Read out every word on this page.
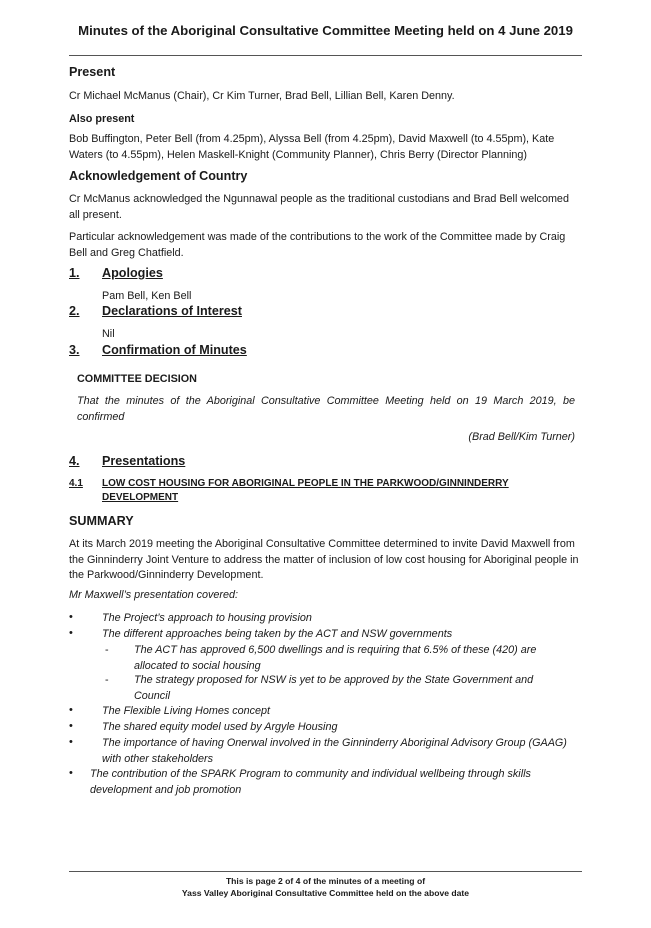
Minutes of the Aboriginal Consultative Committee Meeting held on 4 June 2019
Present
Cr Michael McManus (Chair), Cr Kim Turner, Brad Bell, Lillian Bell, Karen Denny.
Also present
Bob Buffington, Peter Bell (from 4.25pm), Alyssa Bell (from 4.25pm), David Maxwell (to 4.55pm), Kate Waters (to 4.55pm), Helen Maskell-Knight (Community Planner), Chris Berry (Director Planning)
Acknowledgement of Country
Cr McManus acknowledged the Ngunnawal people as the traditional custodians and Brad Bell welcomed all present.
Particular acknowledgement was made of the contributions to the work of the Committee made by Craig Bell and Greg Chatfield.
1. Apologies
Pam Bell, Ken Bell
2. Declarations of Interest
Nil
3. Confirmation of Minutes
COMMITTEE DECISION
That the minutes of the Aboriginal Consultative Committee Meeting held on 19 March 2019, be confirmed
(Brad Bell/Kim Turner)
4. Presentations
4.1 LOW COST HOUSING FOR ABORIGINAL PEOPLE IN THE PARKWOOD/GINNINDERRY DEVELOPMENT
SUMMARY
At its March 2019 meeting the Aboriginal Consultative Committee determined to invite David Maxwell from the Ginninderry Joint Venture to address the matter of inclusion of low cost housing for Aboriginal people in the Parkwood/Ginninderry Development.
Mr Maxwell’s presentation covered:
•	The Project’s approach to housing provision
•	The different approaches being taken by the ACT and NSW governments
-	The ACT has approved 6,500 dwellings and is requiring that 6.5% of these (420) are allocated to social housing
-	The strategy proposed for NSW is yet to be approved by the State Government and Council
•	The Flexible Living Homes concept
•	The shared equity model used by Argyle Housing
•	The importance of having Onerwal involved in the Ginninderry Aboriginal Advisory Group (GAAG) with other stakeholders
• The contribution of the SPARK Program to community and individual wellbeing through skills development and job promotion
This is page 2 of 4 of the minutes of a meeting of
Yass Valley Aboriginal Consultative Committee held on the above date
